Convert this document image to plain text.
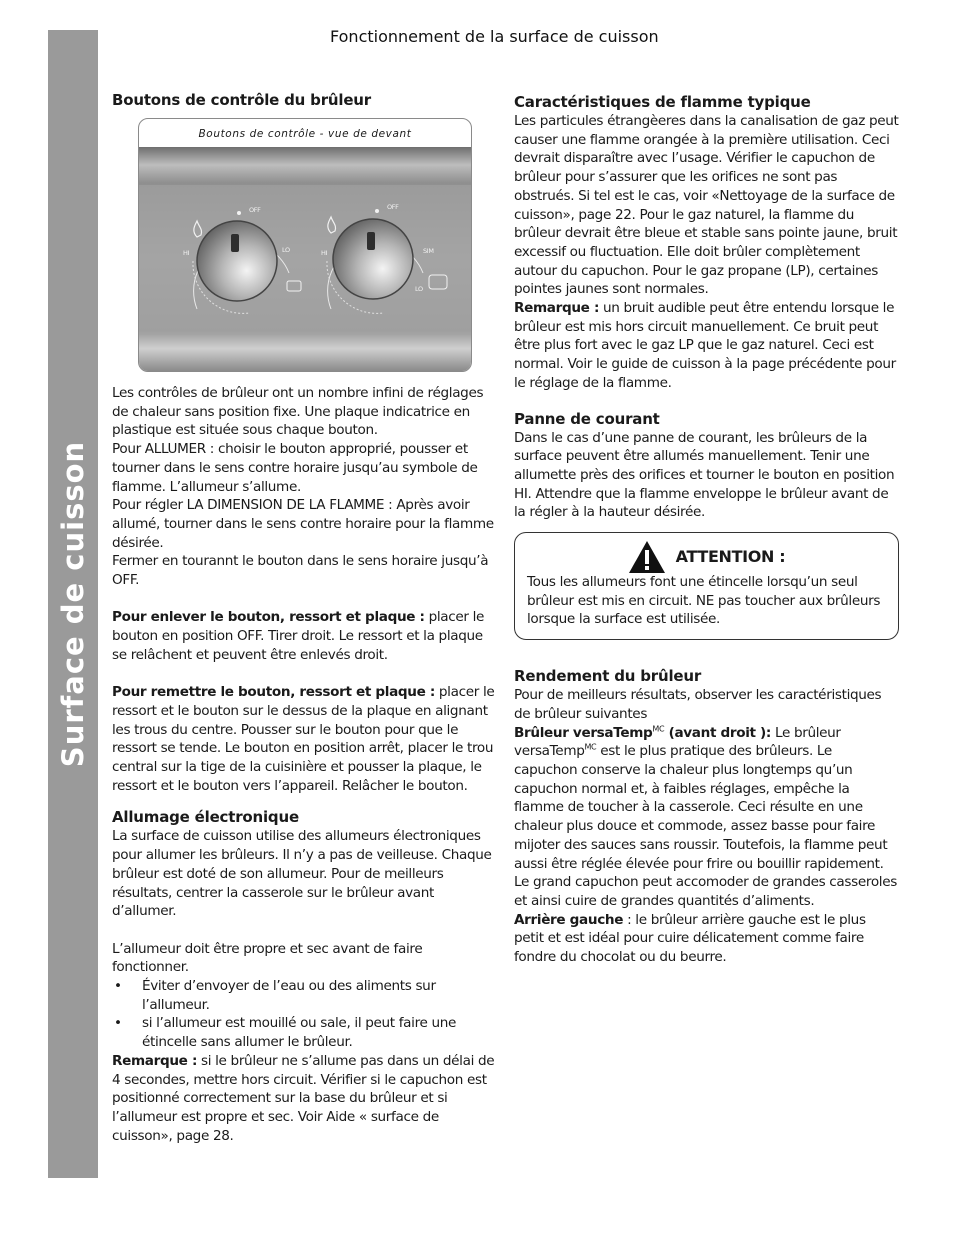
Surface de cuisson
Fonctionnement de la surface de cuisson
Boutons de contrôle du brûleur
Boutons de contrôle - vue de devant
OFF
HI	LO
OFF
HI	SIM
LO

Les contrôles de brûleur ont un nombre infini de réglages de chaleur sans position fixe. Une plaque indicatrice en plastique est située sous chaque bouton.

Pour ALLUMER : choisir le bouton approprié, pousser et tourner dans le sens contre horaire jusqu’au symbole de flamme. L’allumeur s’allume.

Pour régler LA DIMENSION DE LA FLAMME : Après avoir allumé, tourner dans le sens contre horaire pour la flamme désirée.

Fermer en tourannt le bouton dans le sens horaire jusqu’à OFF.

Pour enlever le bouton, ressort et plaque : placer le bouton en position OFF. Tirer droit. Le ressort et la plaque se relâchent et peuvent être enlevés droit.

Pour remettre le bouton, ressort et plaque : placer le ressort et le bouton sur le dessus de la plaque en alignant les trous du centre. Pousser sur le bouton pour que le ressort se tende. Le bouton en position arrêt, placer le trou central sur la tige de la cuisinière et pousser la plaque, le ressort et le bouton vers l’appareil. Relâcher le bouton.

Allumage électronique

La surface de cuisson utilise des allumeurs électroniques pour allumer les brûleurs. Il n’y a pas de veilleuse. Chaque brûleur est doté de son allumeur. Pour de meilleurs résultats, centrer la casserole sur le brûleur avant d’allumer.

L’allumeur doit être propre et sec avant de faire fonctionner.

•	Éviter d’envoyer de l’eau ou des aliments sur l’allumeur.
•	si l’allumeur est mouillé ou sale, il peut faire une étincelle sans allumer le brûleur.

Remarque : si le brûleur ne s’allume pas dans un délai de 4 secondes, mettre hors circuit. Vérifier si le capuchon est positionné correctement sur la base du brûleur et si l’allumeur est propre et sec. Voir Aide « surface de cuisson», page 28.

Caractéristiques de flamme typique

Les particules étrangèeres dans la canalisation de gaz peut causer une flamme orangée à la première utilisation. Ceci devrait disparaître avec l’usage. Vérifier le capuchon de brûleur pour s’assurer que les orifices ne sont pas obstrués. Si tel est le cas, voir «Nettoyage de la surface de cuisson», page 22. Pour le gaz naturel, la flamme du brûleur devrait être bleue et stable sans pointe jaune, bruit excessif ou fluctuation. Elle doit brûler complètement autour du capuchon. Pour le gaz propane (LP), certaines pointes jaunes sont normales.

Remarque : un bruit audible peut être entendu lorsque le brûleur est mis hors circuit manuellement. Ce bruit peut être plus fort avec le gaz LP que le gaz naturel. Ceci est normal. Voir le guide de cuisson à la page précédente pour le réglage de la flamme.

Panne de courant

Dans le cas d’une panne de courant, les brûleurs de la surface peuvent être allumés manuellement. Tenir une allumette près des orifices et tourner le bouton en position HI. Attendre que la flamme enveloppe le brûleur avant de la régler à la hauteur désirée.

ATTENTION :

Tous les allumeurs font une étincelle lorsqu’un seul brûleur est mis en circuit. NE pas toucher aux brûleurs lorsque la surface est utilisée.

Rendement du brûleur

Pour de meilleurs résultats, observer les caractéristiques de brûleur suivantes

Brûleur versaTemp$^{MC}$ (avant droit ): Le brûleur versaTemp$^{MC}$ est le plus pratique des brûleurs. Le capuchon conserve la chaleur plus longtemps qu’un capuchon normal et, à faibles réglages, empêche la flamme de toucher à la casserole. Ceci résulte en une chaleur plus douce et commode, assez basse pour faire mijoter des sauces sans roussir. Toutefois, la flamme peut aussi être réglée élevée pour frire ou bouillir rapidement. Le grand capuchon peut accomoder de grandes casseroles et ainsi cuire de grandes quantités d’aliments.

Arrière gauche : le brûleur arrière gauche est le plus petit et est idéal pour cuire délicatement comme faire fondre du chocolat ou du beurre.
